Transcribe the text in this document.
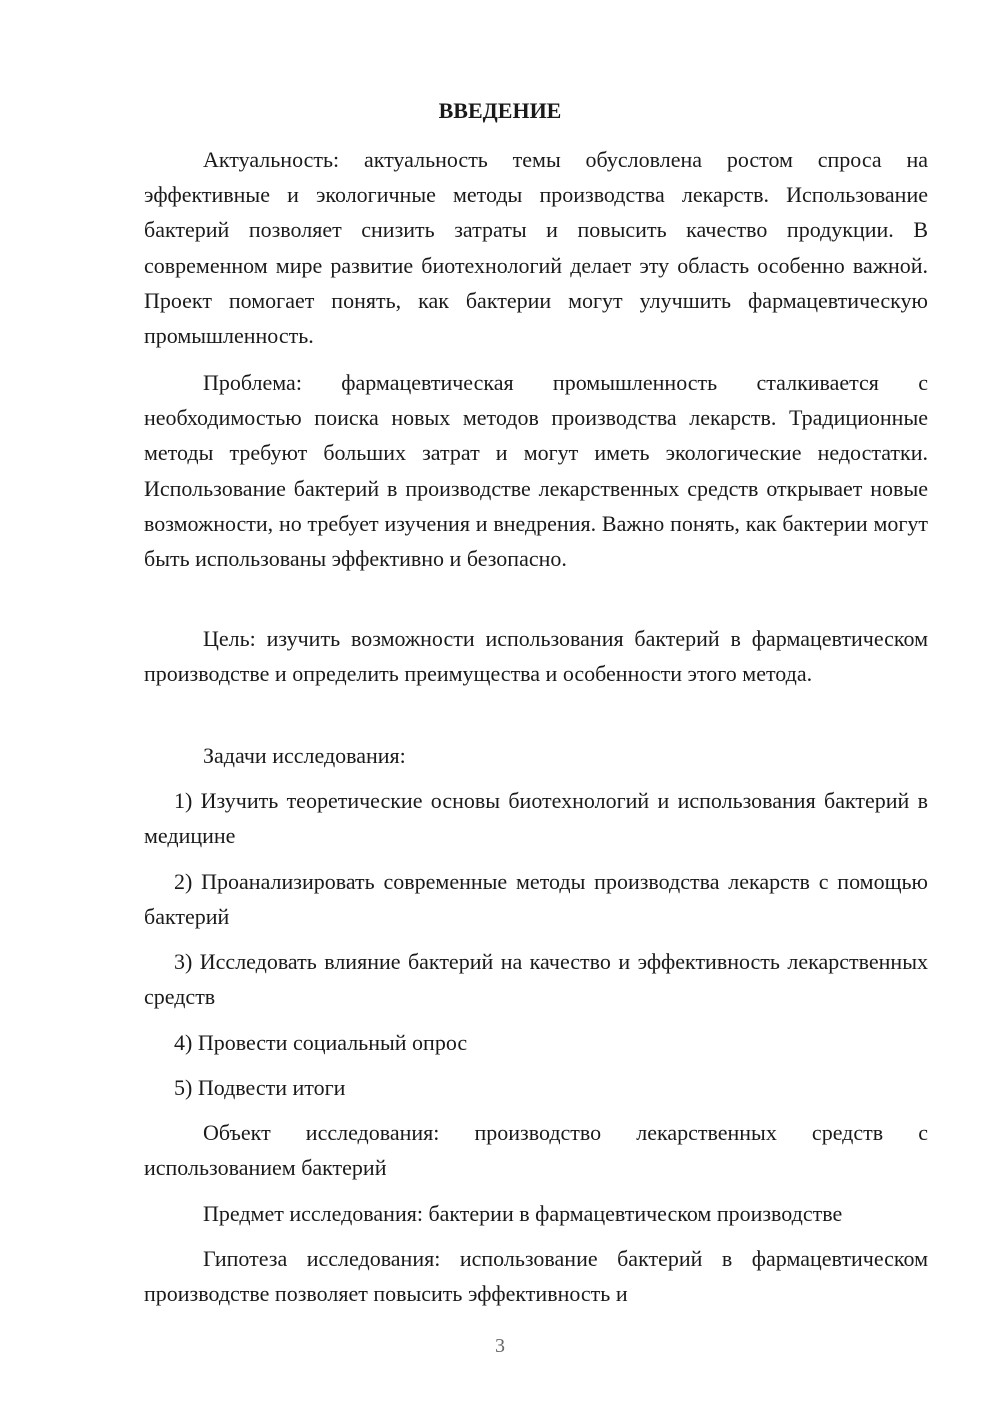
ВВЕДЕНИЕ

Актуальность: актуальность темы обусловлена ростом спроса на эффективные и экологичные методы производства лекарств. Использование бактерий позволяет снизить затраты и повысить качество продукции. В современном мире развитие биотехнологий делает эту область особенно важной. Проект помогает понять, как бактерии могут улучшить фармацевтическую промышленность.

Проблема: фармацевтическая промышленность сталкивается с необходимостью поиска новых методов производства лекарств. Традиционные методы требуют больших затрат и могут иметь экологические недостатки. Использование бактерий в производстве лекарственных средств открывает новые возможности, но требует изучения и внедрения. Важно понять, как бактерии могут быть использованы эффективно и безопасно.

Цель: изучить возможности использования бактерий в фармацевтическом производстве и определить преимущества и особенности этого метода.

Задачи исследования:

1) Изучить теоретические основы биотехнологий и использования бактерий в медицине

2) Проанализировать современные методы производства лекарств с помощью бактерий

3) Исследовать влияние бактерий на качество и эффективность лекарственных средств

4) Провести социальный опрос

5) Подвести итоги

Объект исследования: производство лекарственных средств с использованием бактерий

Предмет исследования: бактерии в фармацевтическом производстве

Гипотеза исследования: использование бактерий в фармацевтическом производстве позволяет повысить эффективность и

3
